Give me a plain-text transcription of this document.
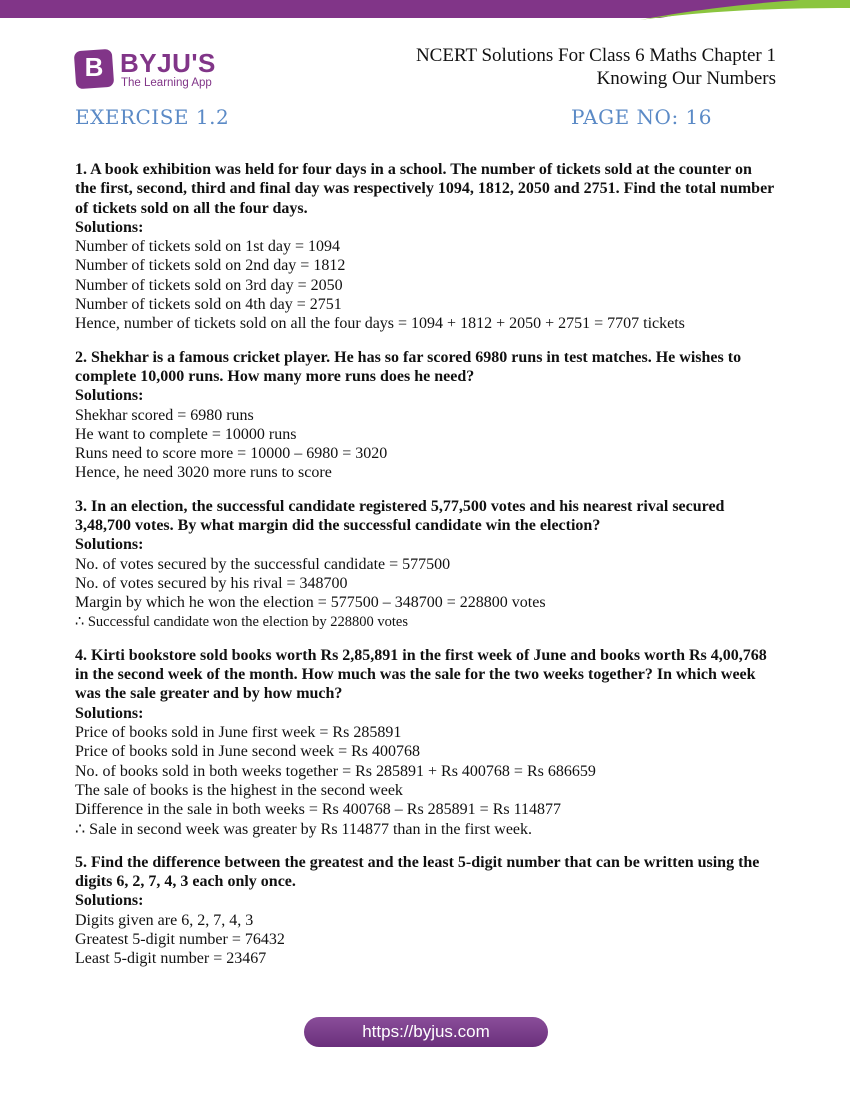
B BYJU'S
The Learning App
NCERT Solutions For Class 6 Maths Chapter 1
Knowing Our Numbers
EXERCISE 1.2	PAGE NO: 16

1. A book exhibition was held for four days in a school. The number of tickets sold at the counter on the first, second, third and final day was respectively 1094, 1812, 2050 and 2751. Find the total number of tickets sold on all the four days.

Solutions:

Number of tickets sold on 1st day = 1094

Number of tickets sold on 2nd day = 1812

Number of tickets sold on 3rd day = 2050

Number of tickets sold on 4th day = 2751

Hence, number of tickets sold on all the four days = 1094 + 1812 + 2050 + 2751 = 7707 tickets

2. Shekhar is a famous cricket player. He has so far scored 6980 runs in test matches. He wishes to complete 10,000 runs. How many more runs does he need?

Solutions:

Shekhar scored = 6980 runs

He want to complete = 10000 runs

Runs need to score more = 10000 – 6980 = 3020

Hence, he need 3020 more runs to score

3. In an election, the successful candidate registered 5,77,500 votes and his nearest rival secured 3,48,700 votes. By what margin did the successful candidate win the election?

Solutions:

No. of votes secured by the successful candidate = 577500

No. of votes secured by his rival = 348700

Margin by which he won the election = 577500 – 348700 = 228800 votes

∴ Successful candidate won the election by 228800 votes

4. Kirti bookstore sold books worth Rs 2,85,891 in the first week of June and books worth Rs 4,00,768 in the second week of the month. How much was the sale for the two weeks together? In which week was the sale greater and by how much?

Solutions:

Price of books sold in June first week = Rs 285891

Price of books sold in June second week = Rs 400768

No. of books sold in both weeks together = Rs 285891 + Rs 400768 = Rs 686659

The sale of books is the highest in the second week

Difference in the sale in both weeks = Rs 400768 – Rs 285891 = Rs 114877

∴ Sale in second week was greater by Rs 114877 than in the first week.

5. Find the difference between the greatest and the least 5-digit number that can be written using the digits 6, 2, 7, 4, 3 each only once.

Solutions:

Digits given are 6, 2, 7, 4, 3

Greatest 5-digit number = 76432

Least 5-digit number = 23467

https://byjus.com
